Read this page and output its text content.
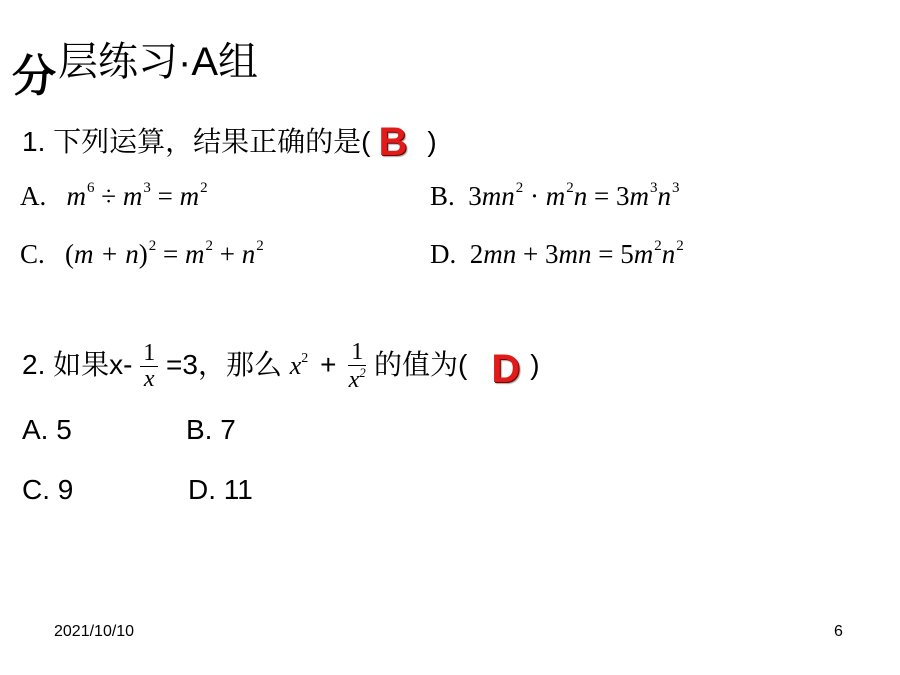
分 层练习·A组
1. 下列运算，结果正确的是( B )
A. $m^6 \div m^3 = m^2$	B. $3mn^2 \cdot m^2n = 3m^3n^3$
C. $(m + n)^2 = m^2 + n^2$	D. $2mn + 3mn = 5m^2n^2$
2. 如果$x- \frac{1}{x} =3$，那么 $x^2 + \frac{1}{x^2}$ 的值为( D )
A. 5	B. 7
C. 9	D. 11
2021/10/10	6
